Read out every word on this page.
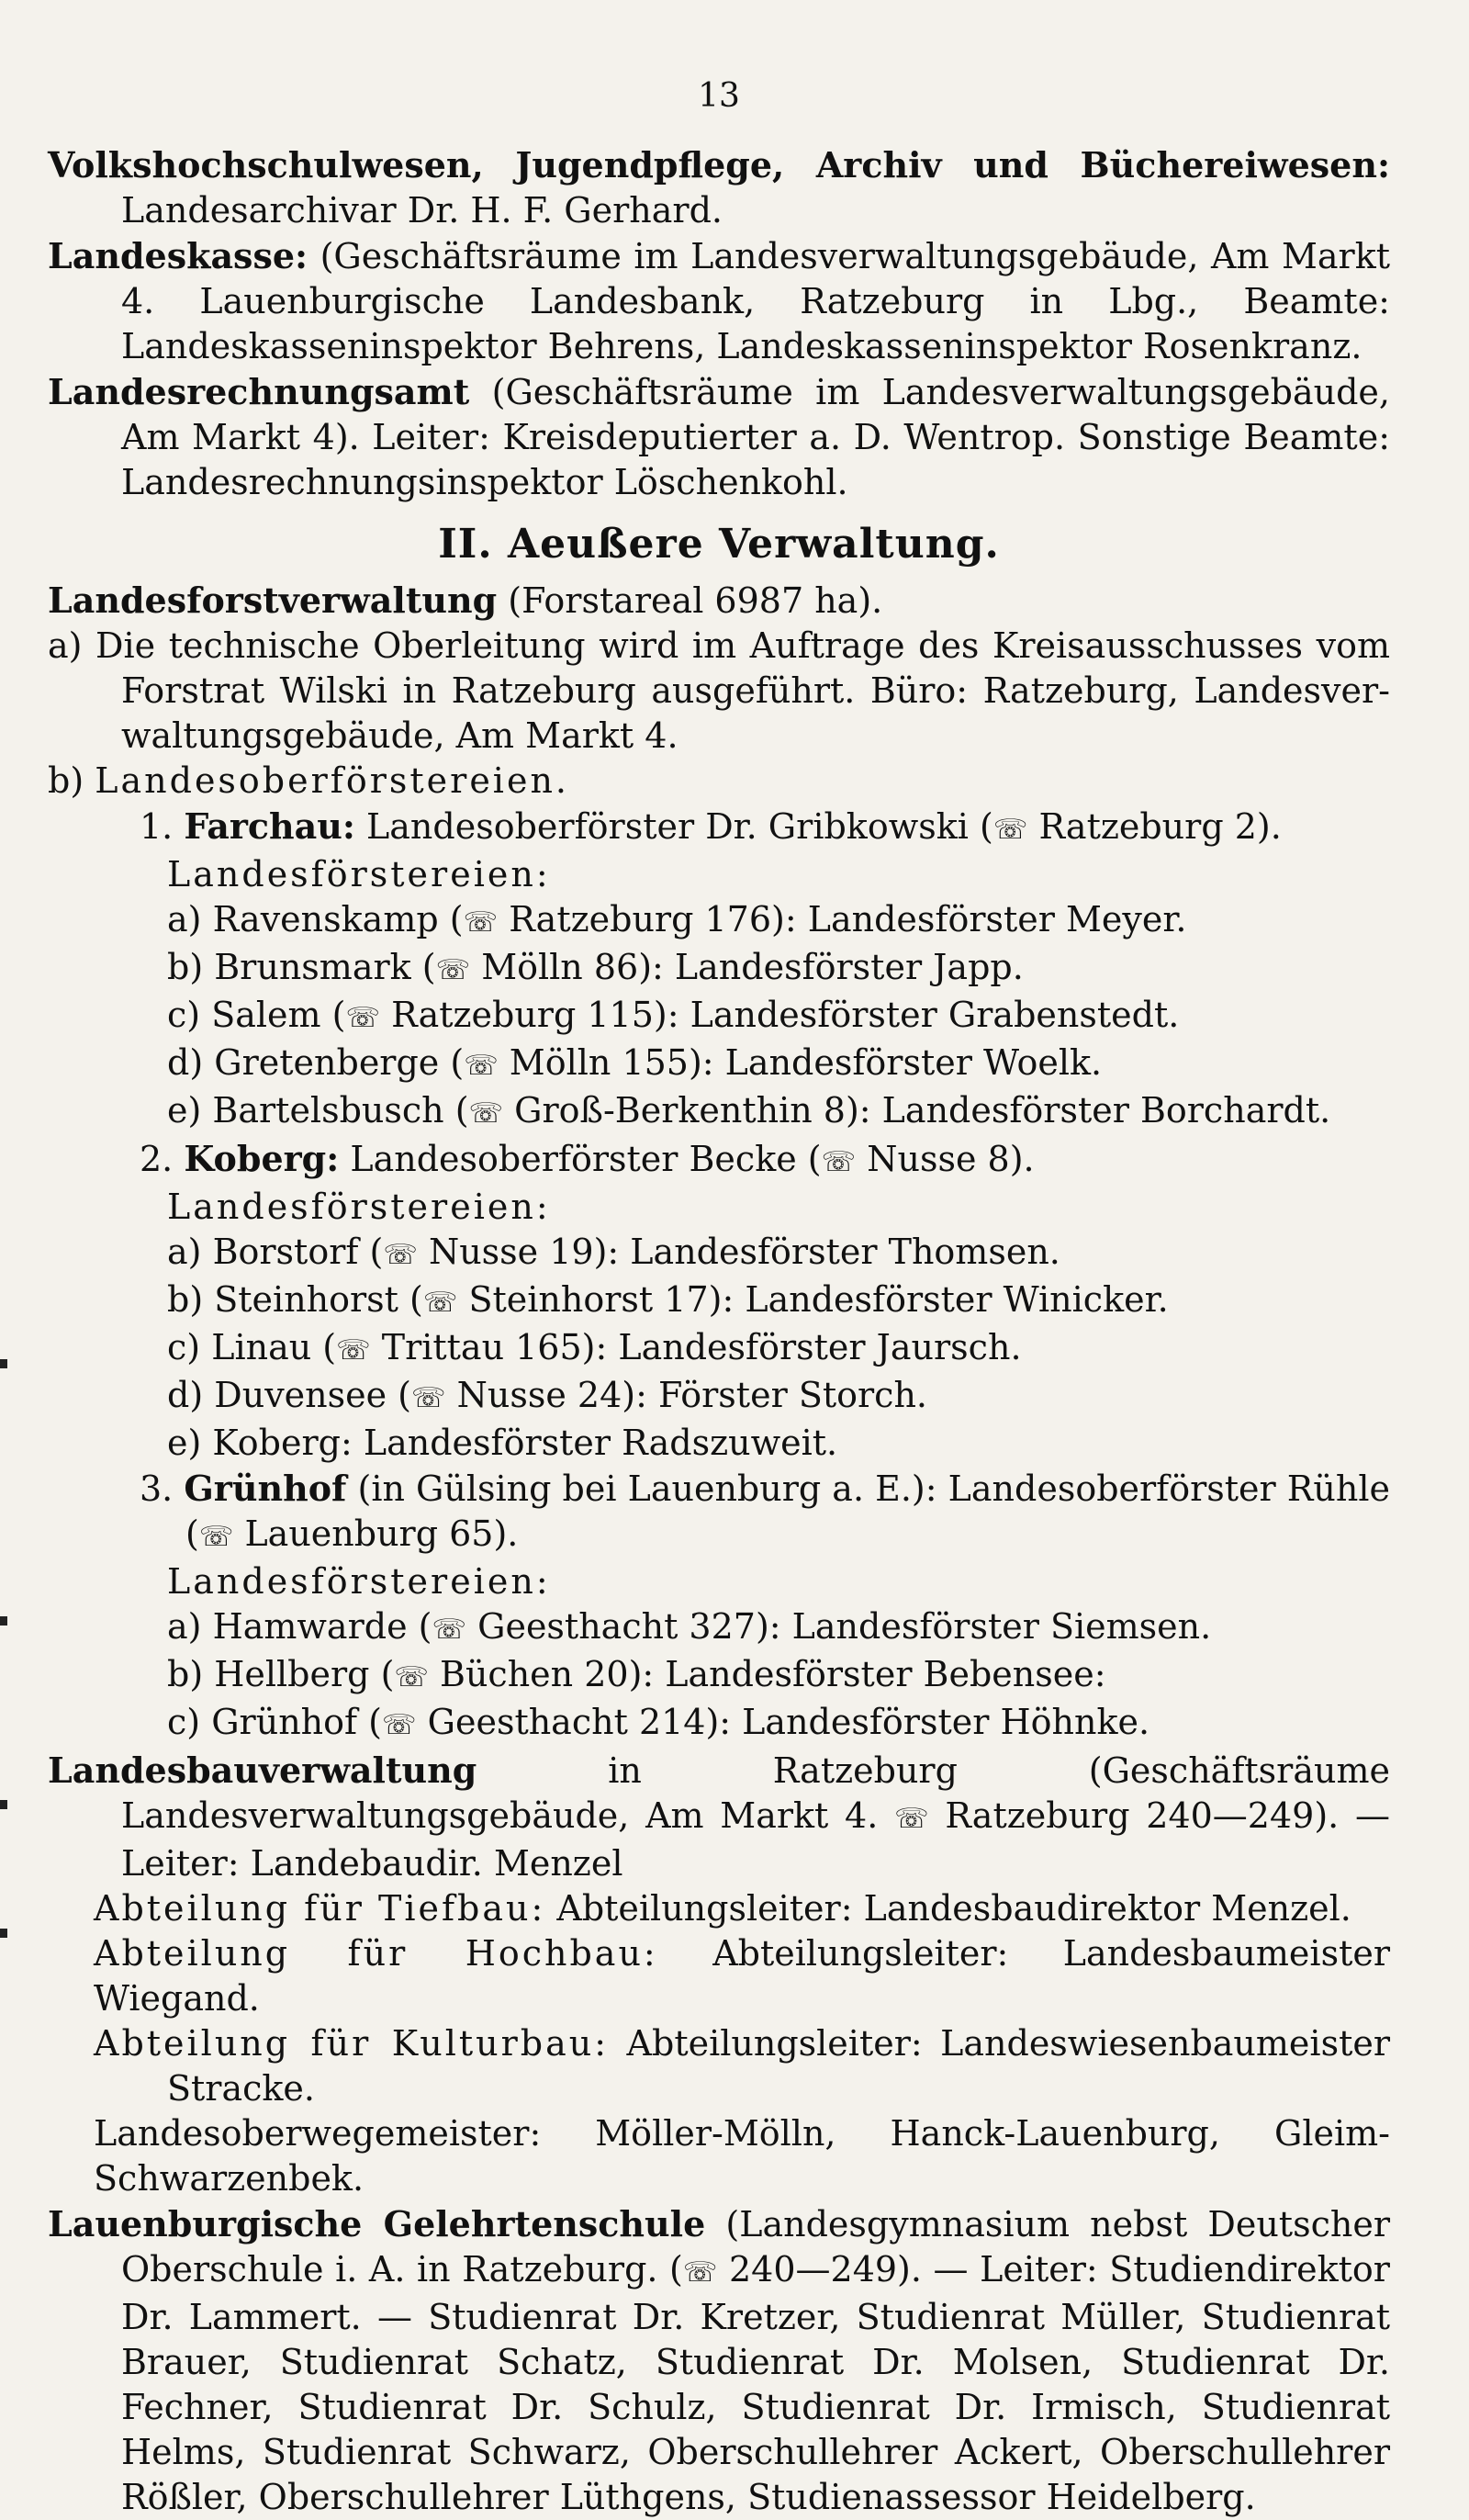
13

Volkshochschulwesen, Jugendpflege, Archiv und Büchereiwesen: Landesarchivar Dr. H. F. Gerhard.

Landeskasse: (Geschäftsräume im Landesverwaltungsgebäude, Am Markt 4. Lauenburgische Landesbank, Ratzeburg in Lbg., Beamte: Landeskasseninspektor Behrens, Landeskasseninspektor Rosenkranz.

Landesrechnungsamt (Geschäftsräume im Landesverwaltungsgebäude, Am Markt 4). Leiter: Kreisdeputierter a. D. Wentrop. Sonstige Beamte: Landesrechnungsinspektor Löschenkohl.

II. Aeußere Verwaltung.

Landesforstverwaltung (Forstareal 6987 ha).

a) Die technische Oberleitung wird im Auftrage des Kreisausschusses vom Forstrat Wilski in Ratzeburg ausgeführt. Büro: Ratzeburg, Landesverwaltungsgebäude, Am Markt 4.

b) Landesoberförstereien.

1. Farchau: Landesoberförster Dr. Gribkowski (☏ Ratzeburg 2).

Landesförstereien:

a) Ravenskamp (☏ Ratzeburg 176): Landesförster Meyer.

b) Brunsmark (☏ Mölln 86): Landesförster Japp.

c) Salem (☏ Ratzeburg 115): Landesförster Grabenstedt.

d) Gretenberge (☏ Mölln 155): Landesförster Woelk.

e) Bartelsbusch (☏ Groß-Berkenthin 8): Landesförster Borchardt.

2. Koberg: Landesoberförster Becke (☏ Nusse 8).

Landesförstereien:

a) Borstorf (☏ Nusse 19): Landesförster Thomsen.

b) Steinhorst (☏ Steinhorst 17): Landesförster Winicker.

c) Linau (☏ Trittau 165): Landesförster Jaursch.

d) Duvensee (☏ Nusse 24): Förster Storch.

e) Koberg: Landesförster Radszuweit.

3. Grünhof (in Gülsing bei Lauenburg a. E.): Landesoberförster Rühle (☏ Lauenburg 65).

Landesförstereien:

a) Hamwarde (☏ Geesthacht 327): Landesförster Siemsen.

b) Hellberg (☏ Büchen 20): Landesförster Bebensee:

c) Grünhof (☏ Geesthacht 214): Landesförster Höhnke.

Landesbauverwaltung	in Ratzeburg (Geschäftsräume Landesverwaltungsgebäude, Am Markt 4. ☏ Ratzeburg 240—249). — Leiter: Landebaudir. Menzel

Abteilung für Tiefbau: Abteilungsleiter: Landesbaudirektor Menzel.

Abteilung für Hochbau: Abteilungsleiter: Landesbaumeister Wiegand.

Abteilung für Kulturbau: Abteilungsleiter: Landeswiesenbaumeister Stracke.

Landesoberwegemeister: Möller-Mölln, Hanck-Lauenburg, Gleim-Schwarzenbek.

Lauenburgische Gelehrtenschule (Landesgymnasium nebst Deutscher Oberschule i. A. in Ratzeburg. (☏ 240—249). — Leiter: Studiendirektor Dr. Lammert. — Studienrat Dr. Kretzer, Studienrat Müller, Studienrat Brauer, Studienrat Schatz, Studienrat Dr. Molsen, Studienrat Dr. Fechner, Studienrat Dr. Schulz, Studienrat Dr. Irmisch, Studienrat Helms, Studienrat Schwarz, Oberschullehrer Ackert, Oberschullehrer Rößler, Oberschullehrer Lüthgens, Studienassessor Heidelberg.
